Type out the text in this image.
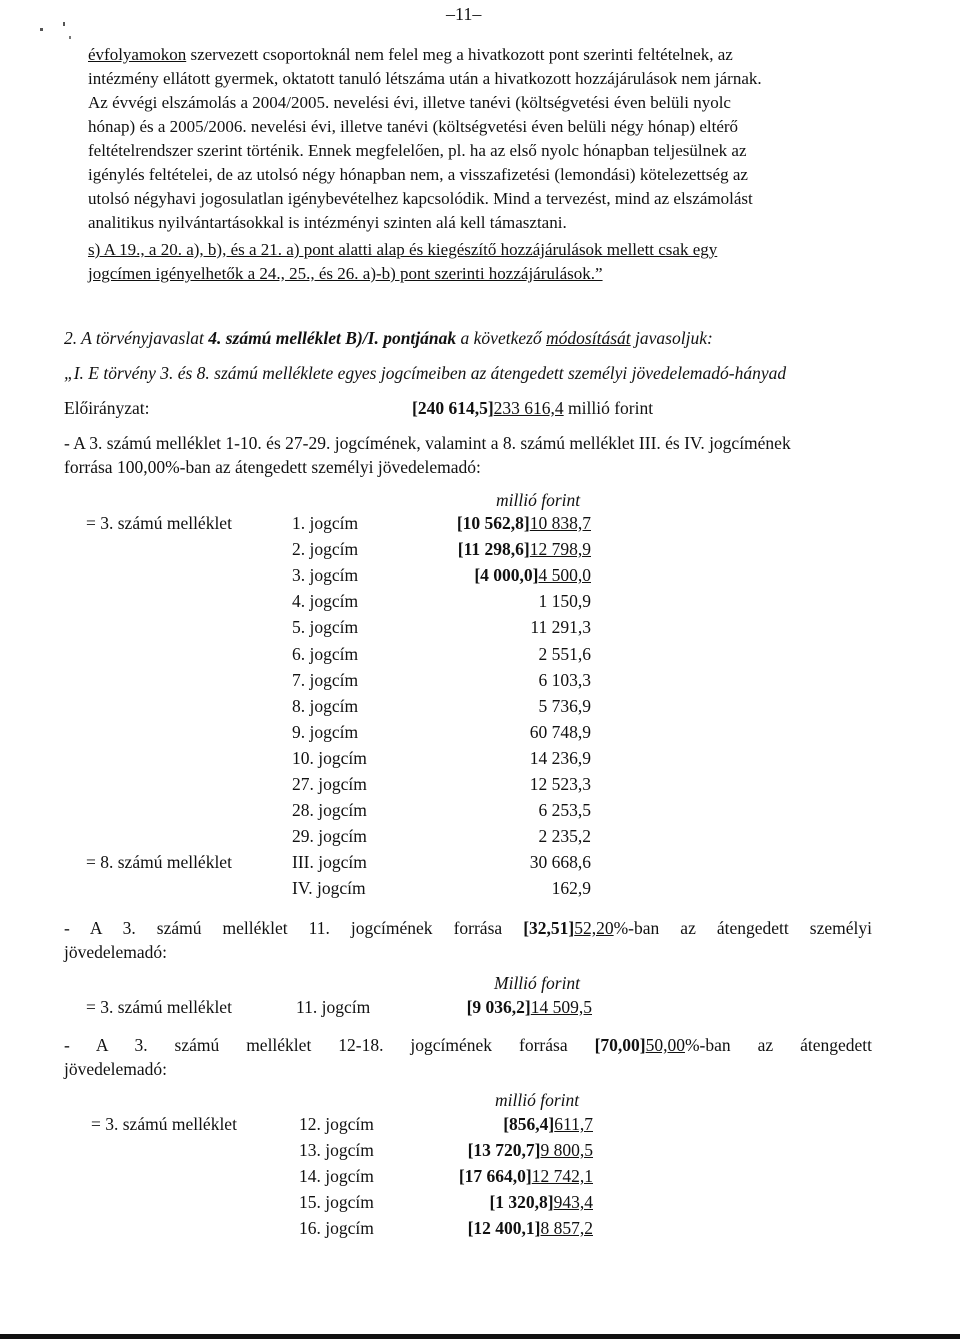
–11–
évfolyamokon szervezett csoportoknál nem felel meg a hivatkozott pont szerinti feltételnek, az
intézmény ellátott gyermek, oktatott tanuló létszáma után a hivatkozott hozzájárulások nem járnak.
Az évvégi elszámolás a 2004/2005. nevelési évi, illetve tanévi (költségvetési éven belüli nyolc
hónap) és a 2005/2006. nevelési évi, illetve tanévi (költségvetési éven belüli négy hónap) eltérő
feltételrendszer szerint történik. Ennek megfelelően, pl. ha az első nyolc hónapban teljesülnek az
igénylés feltételei, de az utolsó négy hónapban nem, a visszafizetési (lemondási) kötelezettség az
utolsó négyhavi jogosulatlan igénybevételhez kapcsolódik. Mind a tervezést, mind az elszámolást
analitikus nyilvántartásokkal is intézményi szinten alá kell támasztani.
s) A 19., a 20. a), b), és a 21. a) pont alatti alap és kiegészítő hozzájárulások mellett csak egy
jogcímen igényelhetők a 24., 25., és 26. a)-b) pont szerinti hozzájárulások.”
2. A törvényjavaslat 4. számú melléklet B)/I. pontjának a következő módosítását javasoljuk:
„I. E törvény 3. és 8. számú melléklete egyes jogcímeiben az átengedett személyi jövedelemadó-hányad
Előirányzat:	[240 614,5]233 616,4 millió forint
- A 3. számú melléklet 1-10. és 27-29. jogcímének, valamint a 8. számú melléklet III. és IV. jogcímének
forrása 100,00%-ban az átengedett személyi jövedelemadó:
millió forint
= 3. számú melléklet	1. jogcím	[10 562,8]10 838,7
2. jogcím	[11 298,6]12 798,9
3. jogcím	[4 000,0]4 500,0
4. jogcím	1 150,9
5. jogcím	11 291,3
6. jogcím	2 551,6
7. jogcím	6 103,3
8. jogcím	5 736,9
9. jogcím	60 748,9
10. jogcím	14 236,9
27. jogcím	12 523,3
28. jogcím	6 253,5
29. jogcím	2 235,2
= 8. számú melléklet	III. jogcím	30 668,6
IV. jogcím	162,9
- A 3. számú melléklet 11. jogcímének forrása [32,51]52,20%-ban az átengedett személyi
jövedelemadó:
Millió forint
= 3. számú melléklet	11. jogcím	[9 036,2]14 509,5
- A 3. számú melléklet 12-18. jogcímének forrása [70,00]50,00%-ban az átengedett
jövedelemadó:
millió forint
= 3. számú melléklet	12. jogcím	[856,4]611,7
13. jogcím	[13 720,7]9 800,5
14. jogcím	[17 664,0]12 742,1
15. jogcím	[1 320,8]943,4
16. jogcím	[12 400,1]8 857,2
